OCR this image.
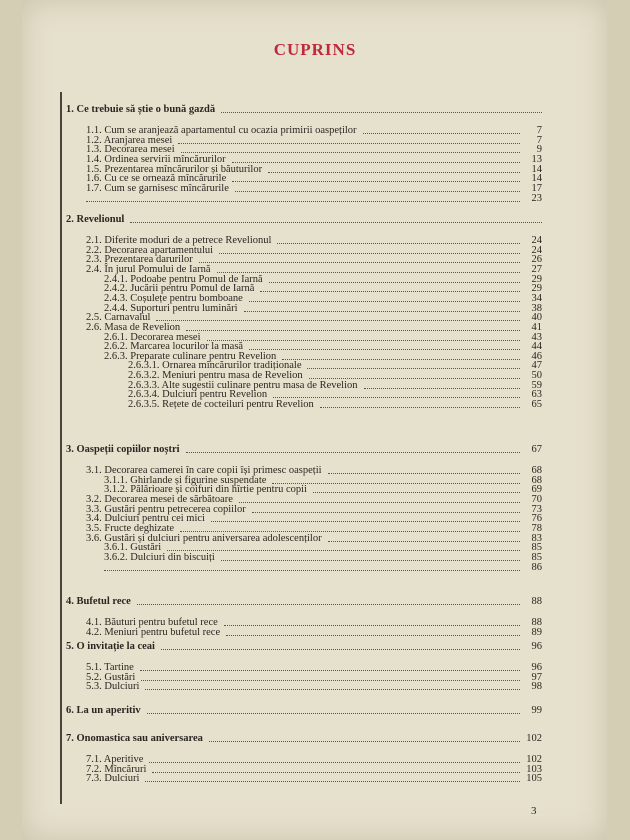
CUPRINS
1. Ce trebuie să știe o bună gazdă
1.1. Cum se aranjează apartamentul cu ocazia primirii oaspeților	7
1.2. Aranjarea mesei	7
1.3. Decorarea mesei	9
1.4. Ordinea servirii mîncărurilor	13
1.5. Prezentarea mîncărurilor și băuturilor	14
1.6. Cu ce se ornează mîncărurile	14
1.7. Cum se garnisesc mîncărurile	17
23
2. Revelionul
2.1. Diferite moduri de a petrece Revelionul	24
2.2. Decorarea apartamentului	24
2.3. Prezentarea darurilor	26
2.4. În jurul Pomului de Iarnă	27
2.4.1. Podoabe pentru Pomul de Iarnă	29
2.4.2. Jucării pentru Pomul de Iarnă	29
2.4.3. Coșulețe pentru bomboane	34
2.4.4. Suporturi pentru luminări	38
2.5. Carnavalul	40
2.6. Masa de Revelion	41
2.6.1. Decorarea mesei	43
2.6.2. Marcarea locurilor la masă	44
2.6.3. Preparate culinare pentru Revelion	46
2.6.3.1. Ornarea mîncărurilor tradiționale	47
2.6.3.2. Meniuri pentru masa de Revelion	50
2.6.3.3. Alte sugestii culinare pentru masa de Revelion	59
2.6.3.4. Dulciuri pentru Revelion	63
2.6.3.5. Rețete de cocteiluri pentru Revelion	65
3. Oaspeții copiilor noștri	67
3.1. Decorarea camerei în care copii își primesc oaspeții	68
3.1.1. Ghirlande și figurine suspendate	68
3.1.2. Pălărioare și coifuri din hîrtie pentru copii	69
3.2. Decorarea mesei de sărbătoare	70
3.3. Gustări pentru petrecerea copiilor	73
3.4. Dulciuri pentru cei mici	76
3.5. Fructe deghizate	78
3.6. Gustări și dulciuri pentru aniversarea adolescenților	83
3.6.1. Gustări	85
3.6.2. Dulciuri din biscuiți	85
86
4. Bufetul rece	88
4.1. Băuturi pentru bufetul rece	88
4.2. Meniuri pentru bufetul rece	89
5. O invitație la ceai	96
5.1. Tartine	96
5.2. Gustări	97
5.3. Dulciuri	98
6. La un aperitiv	99
7. Onomastica sau aniversarea	102
7.1. Aperitive	102
7.2. Mîncăruri	103
7.3. Dulciuri	105
3
